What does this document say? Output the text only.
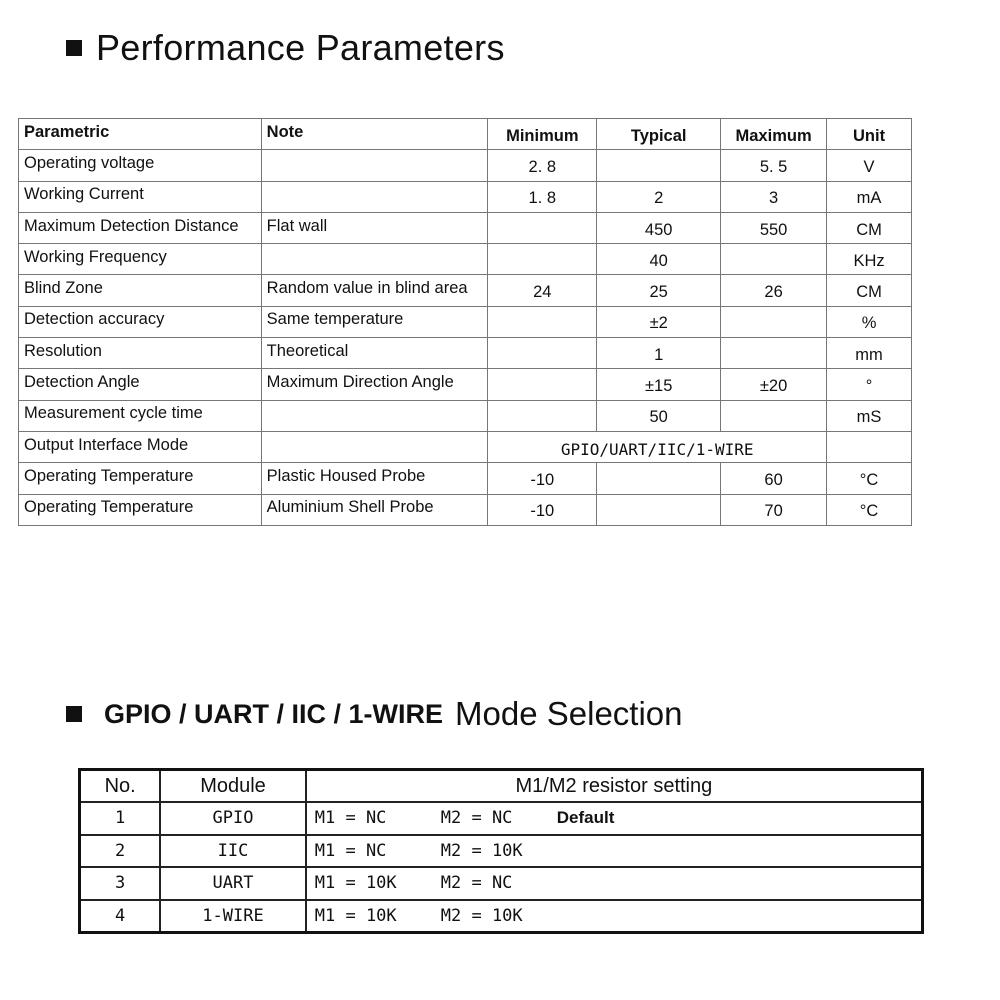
Performance Parameters
Parametric	Note	Minimum	Typical	Maximum	Unit
Operating voltage		2. 8		5. 5	V
Working Current		1. 8	2	3	mA
Maximum Detection Distance	Flat wall		450	550	CM
Working Frequency			40		KHz
Blind Zone	Random value in blind area	24	25	26	CM
Detection accuracy	Same temperature		±2		%
Resolution	Theoretical		1		mm
Detection Angle	Maximum Direction Angle		±15	±20	°
Measurement cycle time			50		mS
Output Interface Mode		GPIO/UART/IIC/1-WIRE			
Operating Temperature	Plastic Housed Probe	-10		60	°C
Operating Temperature	Aluminium Shell Probe	-10		70	°C
GPIO / UART / IIC / 1-WIRE Mode Selection
No.	Module	M1/M2 resistor setting
1	GPIO	M1 = NC M2 = NC Default
2	IIC	M1 = NC M2 = 10K
3	UART	M1 = 10K M2 = NC
4	1-WIRE	M1 = 10K M2 = 10K
